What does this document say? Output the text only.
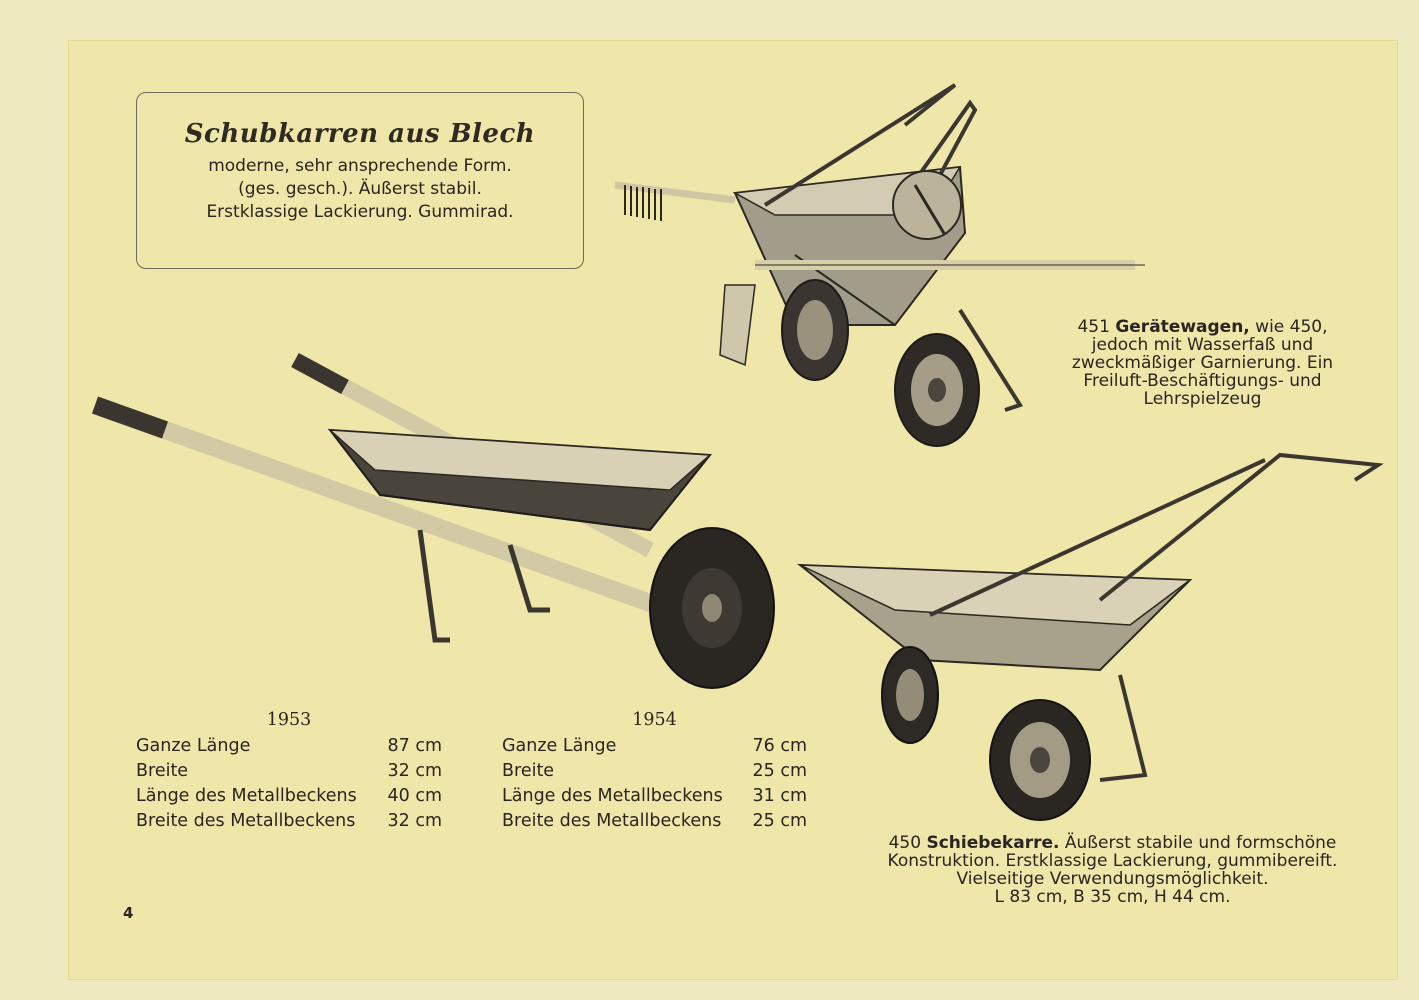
Schubkarren aus Blech

moderne, sehr ansprechende Form.

(ges. gesch.). Äußerst stabil.

Erstklassige Lackierung. Gummirad.

451 Gerätewagen, wie 450,
jedoch mit Wasserfaß und
zweckmäßiger Garnierung. Ein
Freiluft-Beschäftigungs- und
Lehrspielzeug
1953
Ganze Länge	87 cm
Breite	32 cm
Länge des Metallbeckens 40 cm
Breite des Metallbeckens 32 cm
1954
Ganze Länge	76 cm
Breite	25 cm
Länge des Metallbeckens 31 cm
Breite des Metallbeckens 25 cm
450 Schiebekarre. Äußerst stabile und formschöne
Konstruktion. Erstklassige Lackierung, gummibereift.
Vielseitige Verwendungsmöglichkeit.
L 83 cm, B 35 cm, H 44 cm.
4
